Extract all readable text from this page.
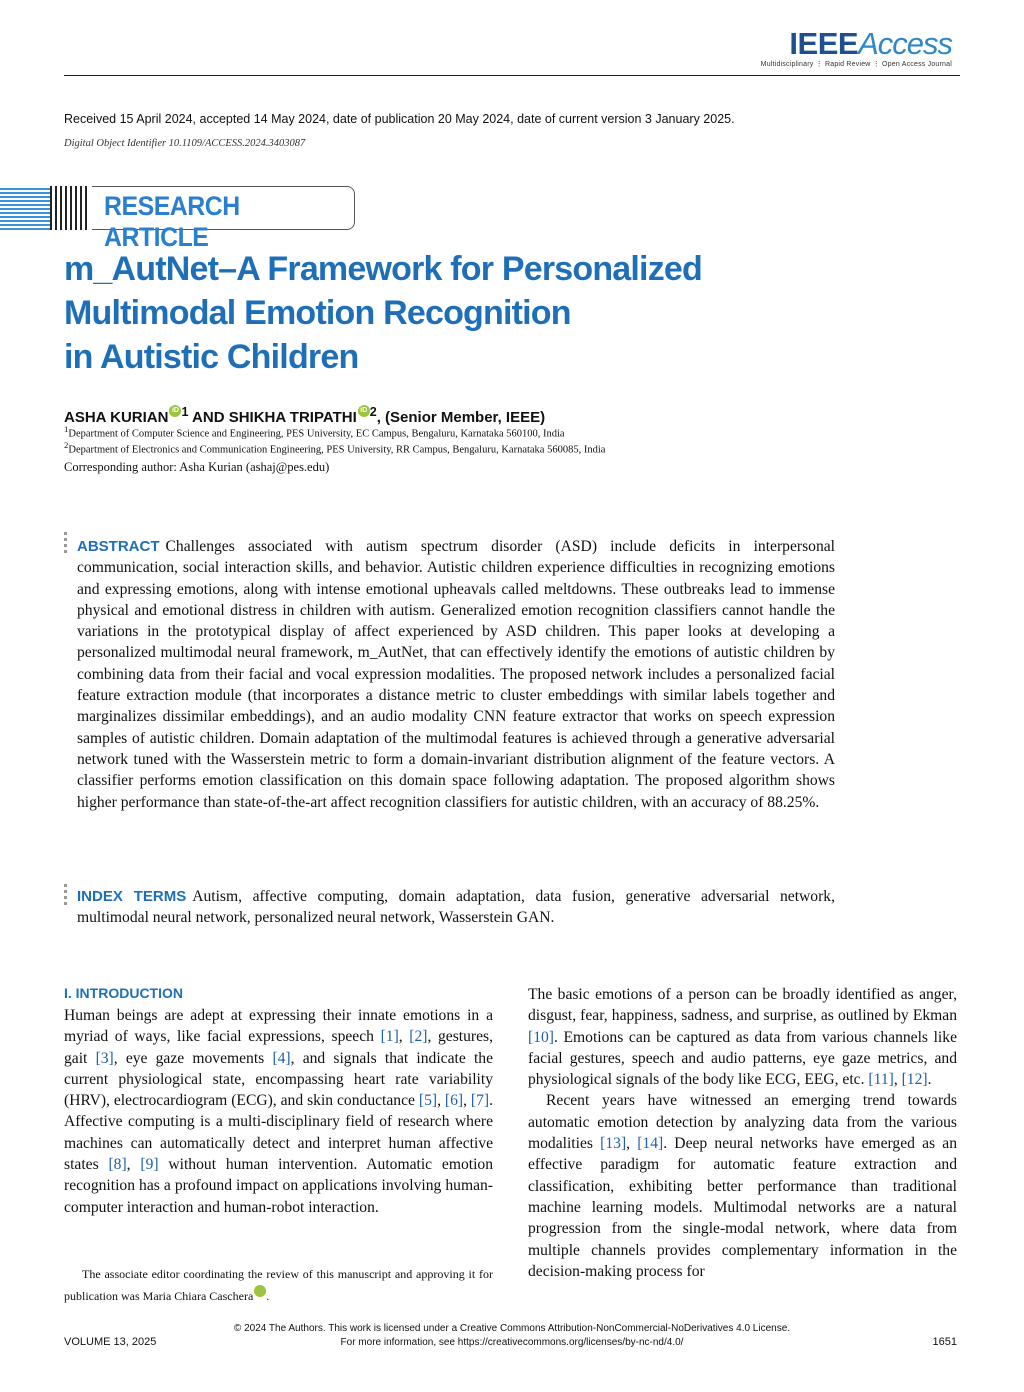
IEEEAccess
Multidisciplinary ⋮ Rapid Review ⋮ Open Access Journal
Received 15 April 2024, accepted 14 May 2024, date of publication 20 May 2024, date of current version 3 January 2025.
Digital Object Identifier 10.1109/ACCESS.2024.3403087
RESEARCH ARTICLE
m_AutNet–A Framework for Personalized
Multimodal Emotion Recognition
in Autistic Children
ASHA KURIAN iD $^1$ AND SHIKHA TRIPATHI iD $^2$, (Senior Member, IEEE)
$^1$Department of Computer Science and Engineering, PES University, EC Campus, Bengaluru, Karnataka 560100, India
$^2$Department of Electronics and Communication Engineering, PES University, RR Campus, Bengaluru, Karnataka 560085, India
Corresponding author: Asha Kurian (ashaj@pes.edu)
ABSTRACT Challenges associated with autism spectrum disorder (ASD) include deficits in interpersonal communication, social interaction skills, and behavior. Autistic children experience difficulties in recognizing emotions and expressing emotions, along with intense emotional upheavals called meltdowns. These outbreaks lead to immense physical and emotional distress in children with autism. Generalized emotion recognition classifiers cannot handle the variations in the prototypical display of affect experienced by ASD children. This paper looks at developing a personalized multimodal neural framework, m_AutNet, that can effectively identify the emotions of autistic children by combining data from their facial and vocal expression modalities. The proposed network includes a personalized facial feature extraction module (that incorporates a distance metric to cluster embeddings with similar labels together and marginalizes dissimilar embeddings), and an audio modality CNN feature extractor that works on speech expression samples of autistic children. Domain adaptation of the multimodal features is achieved through a generative adversarial network tuned with the Wasserstein metric to form a domain-invariant distribution alignment of the feature vectors. A classifier performs emotion classification on this domain space following adaptation. The proposed algorithm shows higher performance than state-of-the-art affect recognition classifiers for autistic children, with an accuracy of 88.25%.
INDEX TERMS Autism, affective computing, domain adaptation, data fusion, generative adversarial network, multimodal neural network, personalized neural network, Wasserstein GAN.
I. INTRODUCTION
Human beings are adept at expressing their innate emotions in a myriad of ways, like facial expressions, speech [1], [2], gestures, gait [3], eye gaze movements [4], and signals that indicate the current physiological state, encompassing heart rate variability (HRV), electrocardiogram (ECG), and skin conductance [5], [6], [7]. Affective computing is a multi-disciplinary field of research where machines can automatically detect and interpret human affective states [8], [9] without human intervention. Automatic emotion recognition has a profound impact on applications involving human-computer interaction and human-robot interaction.

The basic emotions of a person can be broadly identified as anger, disgust, fear, happiness, sadness, and surprise, as outlined by Ekman [10]. Emotions can be captured as data from various channels like facial gestures, speech and audio patterns, eye gaze metrics, and physiological signals of the body like ECG, EEG, etc. [11], [12].

Recent years have witnessed an emerging trend towards automatic emotion detection by analyzing data from the various modalities [13], [14]. Deep neural networks have emerged as an effective paradigm for automatic feature extraction and classification, exhibiting better performance than traditional machine learning models. Multimodal networks are a natural progression from the single-modal network, where data from multiple channels provides complementary information in the decision-making process for

The associate editor coordinating the review of this manuscript and approving it for publication was Maria Chiara Caschera	iD.
© 2024 The Authors. This work is licensed under a Creative Commons Attribution-NonCommercial-NoDerivatives 4.0 License.
For more information, see https://creativecommons.org/licenses/by-nc-nd/4.0/
VOLUME 13, 2025	1651
